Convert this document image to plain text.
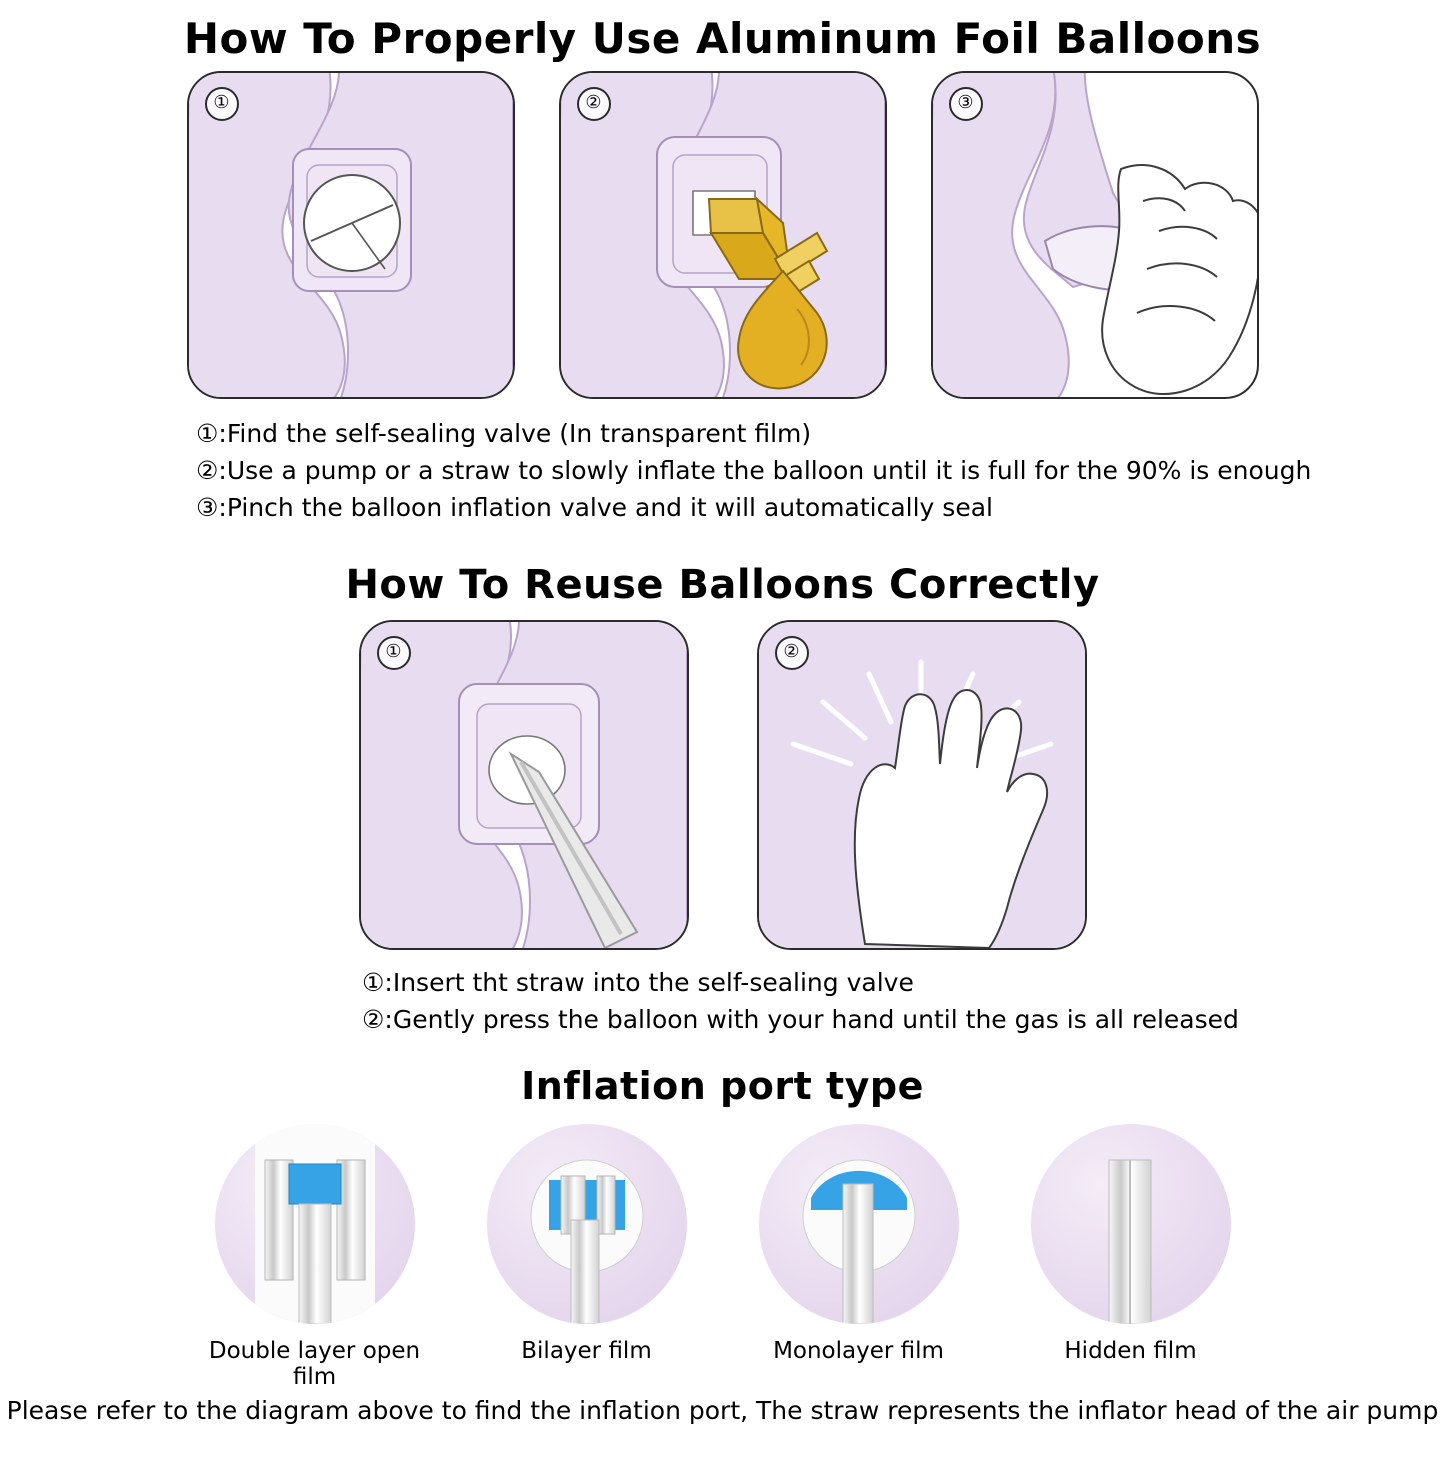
How To Properly Use Aluminum Foil Balloons
①	②	③
①:Find the self-sealing valve (In transparent film)
②:Use a pump or a straw to slowly inflate the balloon until it is full for the 90% is enough
③:Pinch the balloon inflation valve and it will automatically seal
How To Reuse Balloons Correctly
①	②
①:Insert tht straw into the self-sealing valve
②:Gently press the balloon with your hand until the gas is all released
Inflation port type
Double layer open film
Bilayer film	Monolayer film	Hidden film
Please refer to the diagram above to find the inflation port, The straw represents the inflator head of the air pump
